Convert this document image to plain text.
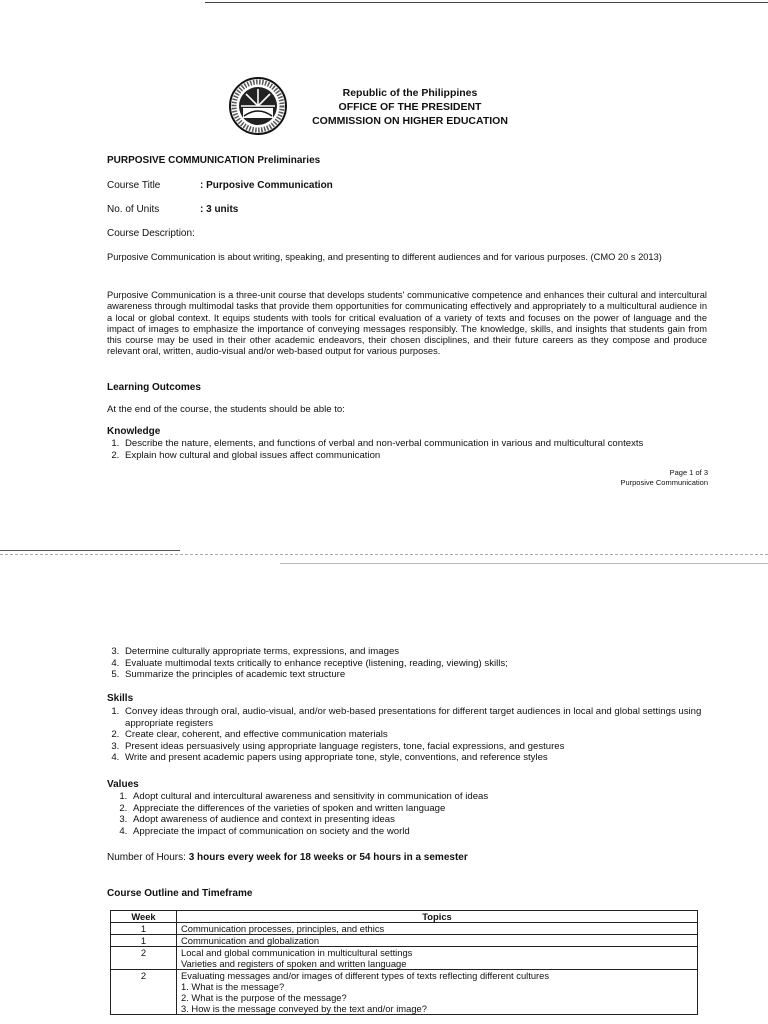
Republic of the Philippines
OFFICE OF THE PRESIDENT
COMMISSION ON HIGHER EDUCATION
PURPOSIVE COMMUNICATION Preliminaries
Course Title	: Purposive Communication
No. of Units	: 3 units
Course Description:
Purposive Communication is about writing, speaking, and presenting to different audiences and for various purposes. (CMO 20 s 2013)
Purposive Communication is a three-unit course that develops students' communicative competence and enhances their cultural and intercultural awareness through multimodal tasks that provide them opportunities for communicating effectively and appropriately to a multicultural audience in a local or global context. It equips students with tools for critical evaluation of a variety of texts and focuses on the power of language and the impact of images to emphasize the importance of conveying messages responsibly. The knowledge, skills, and insights that students gain from this course may be used in their other academic endeavors, their chosen disciplines, and their future careers as they compose and produce relevant oral, written, audio-visual and/or web-based output for various purposes.
Learning Outcomes
At the end of the course, the students should be able to:
Knowledge
1. Describe the nature, elements, and functions of verbal and non-verbal communication in various and multicultural contexts
2. Explain how cultural and global issues affect communication
Page 1 of 3
Purposive Communication
3. Determine culturally appropriate terms, expressions, and images
4. Evaluate multimodal texts critically to enhance receptive (listening, reading, viewing) skills;
5. Summarize the principles of academic text structure
Skills
1. Convey ideas through oral, audio-visual, and/or web-based presentations for different target audiences in local and global settings using appropriate registers
2. Create clear, coherent, and effective communication materials
3. Present ideas persuasively using appropriate language registers, tone, facial expressions, and gestures
4. Write and present academic papers using appropriate tone, style, conventions, and reference styles
Values
1. Adopt cultural and intercultural awareness and sensitivity in communication of ideas
2. Appreciate the differences of the varieties of spoken and written language
3. Adopt awareness of audience and context in presenting ideas
4. Appreciate the impact of communication on society and the world
Number of Hours: 3 hours every week for 18 weeks or 54 hours in a semester
Course Outline and Timeframe
Week	Topics
1	Communication processes, principles, and ethics

1	Communication and globalization

2	Local and global communication in multicultural settings
Varieties and registers of spoken and written language

2	Evaluating messages and/or images of different types of texts reflecting different cultures
1. What is the message?
2. What is the purpose of the message?
3. How is the message conveyed by the text and/or image?
